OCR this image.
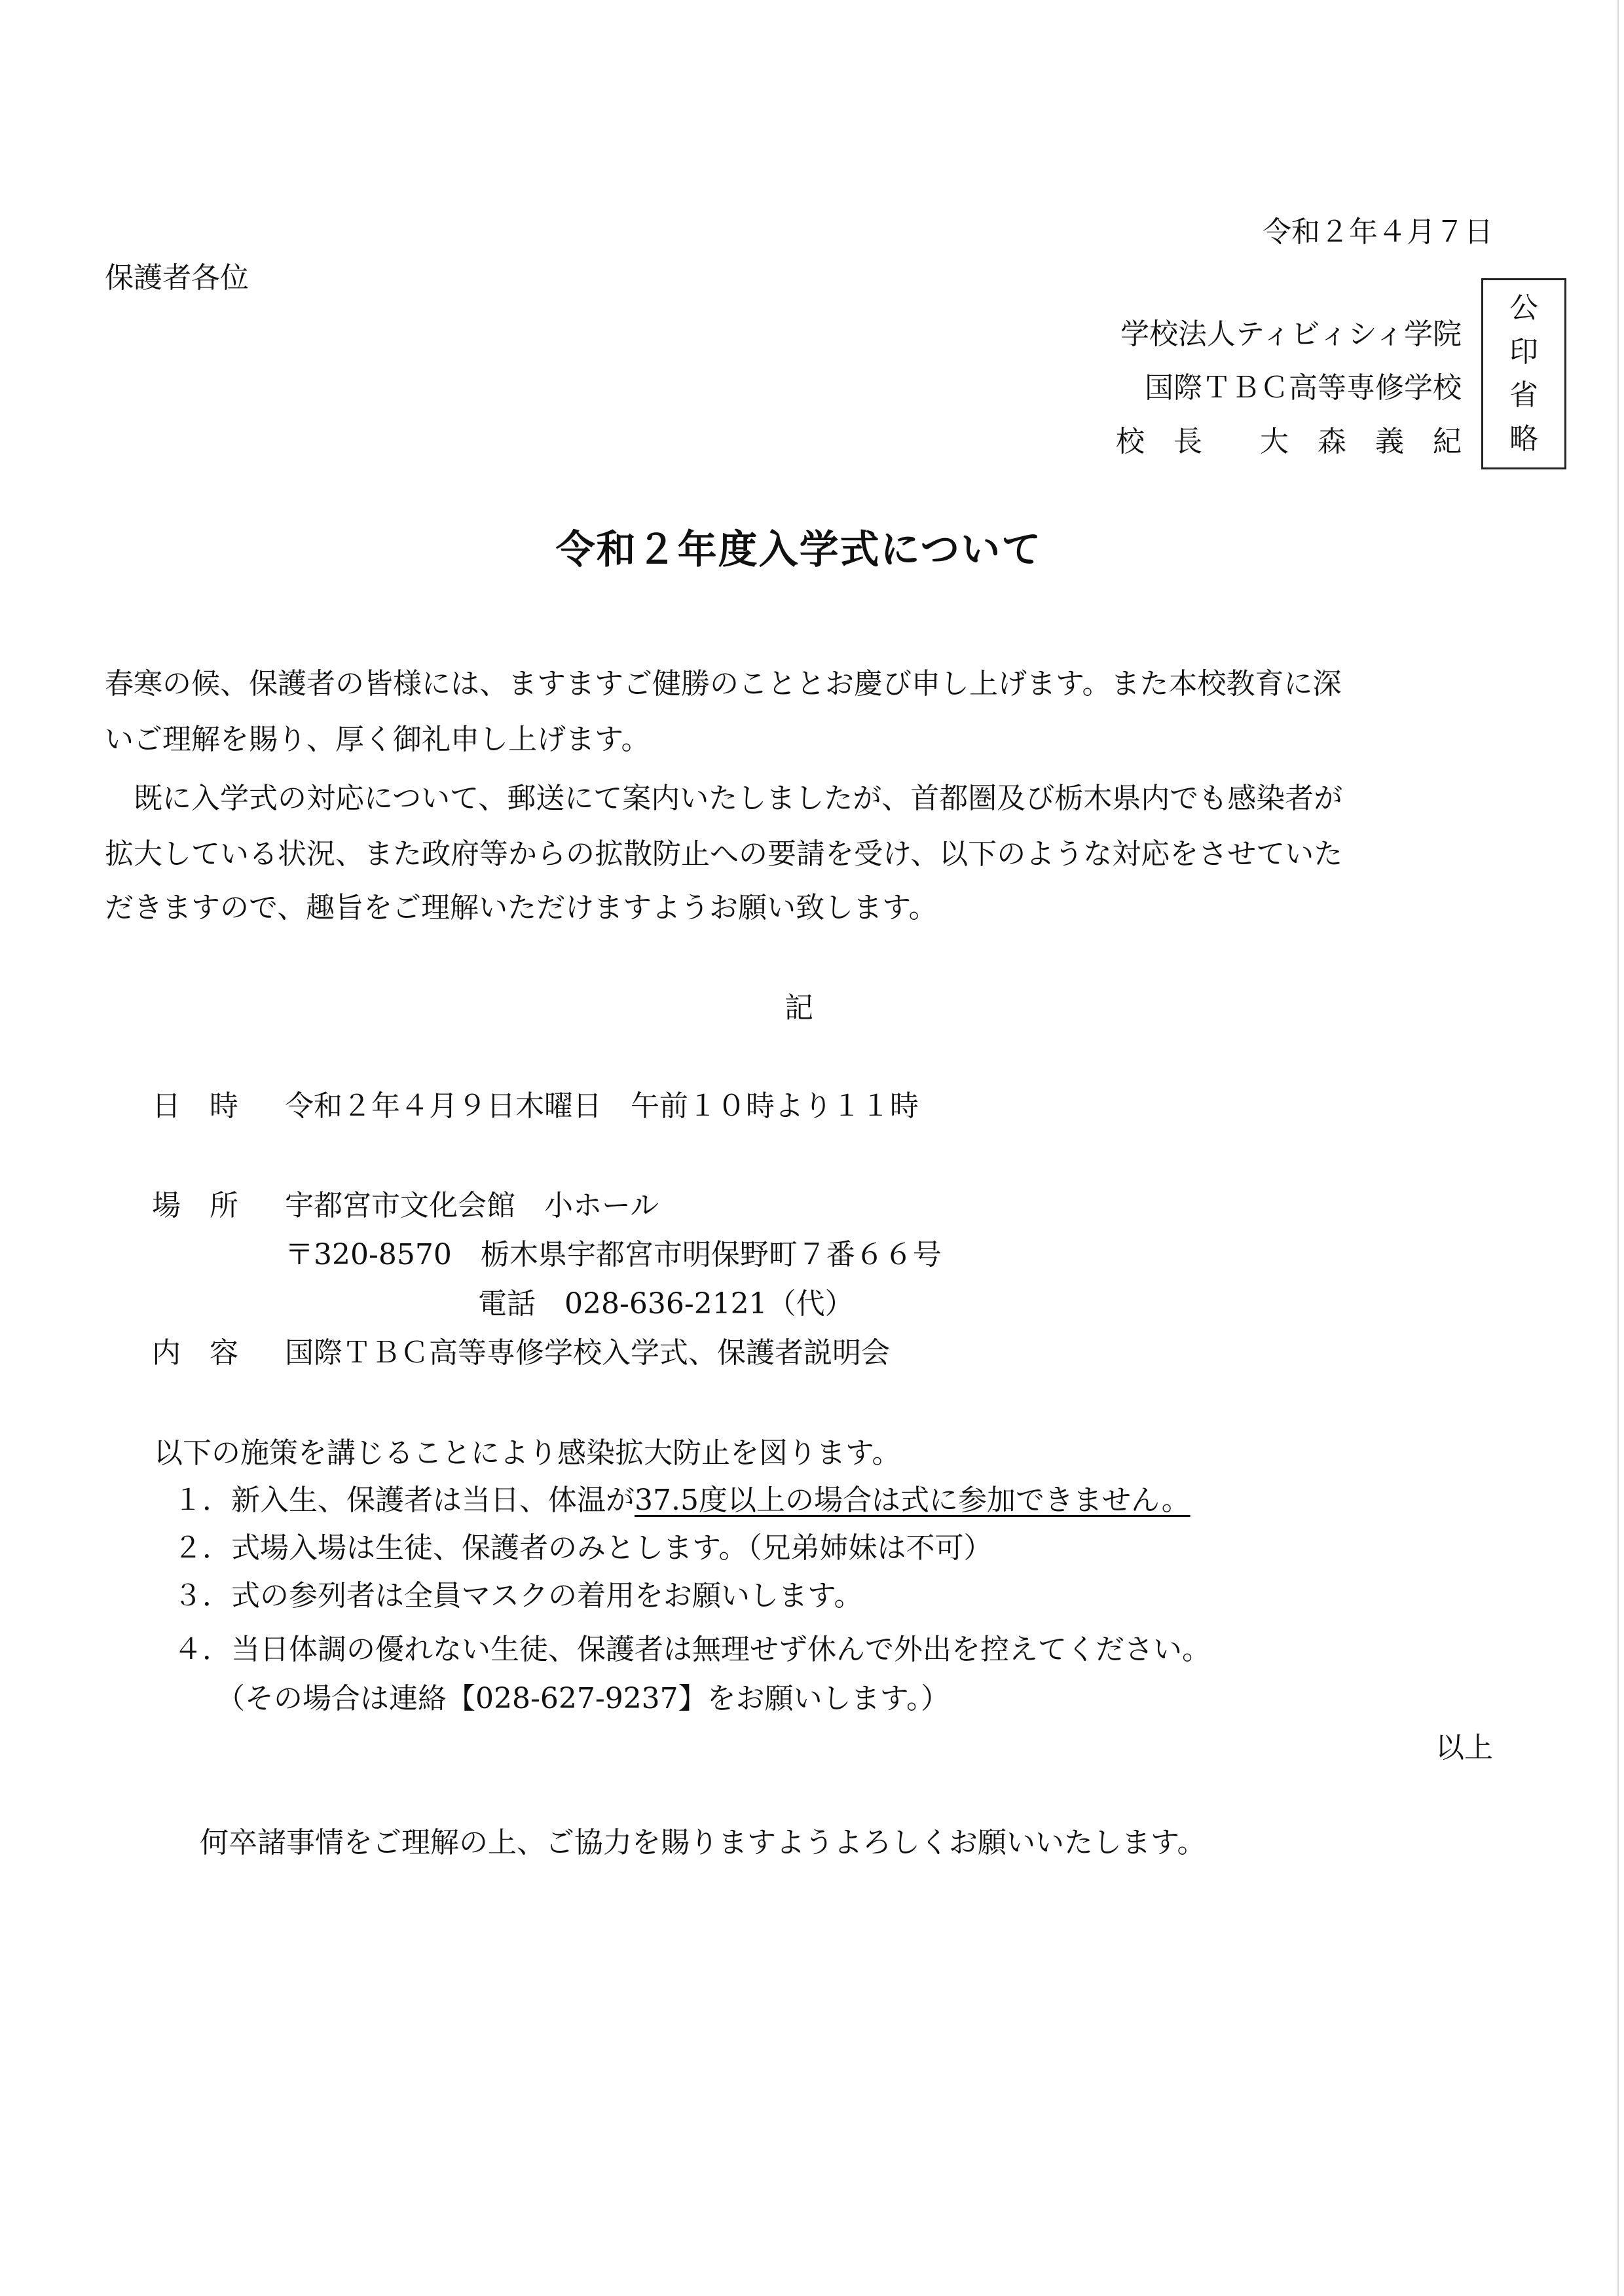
令和２年４月７日
保護者各位
学校法人ティビィシィ学院
国際ＴＢＣ高等専修学校
校　長　　大　森　義　紀
公
印
省
略
令和２年度入学式について
春寒の候、保護者の皆様には、ますますご健勝のこととお慶び申し上げます。また本校教育に深
いご理解を賜り、厚く御礼申し上げます。
　既に入学式の対応について、郵送にて案内いたしましたが、首都圏及び栃木県内でも感染者が
拡大している状況、また政府等からの拡散防止への要請を受け、以下のような対応をさせていた
だきますので、趣旨をご理解いただけますようお願い致します。
記
日　時 令和２年４月９日木曜日　午前１０時より１１時
場　所 宇都宮市文化会館　小ホール
〒320-8570　栃木県宇都宮市明保野町７番６６号
電話　028-636-2121（代）
内　容 国際ＴＢＣ高等専修学校入学式、保護者説明会
以下の施策を講じることにより感染拡大防止を図ります。
１．新入生、保護者は当日、体温が37.5度以上の場合は式に参加できません。
２．式場入場は生徒、保護者のみとします。（兄弟姉妹は不可）
３．式の参列者は全員マスクの着用をお願いします。
４．当日体調の優れない生徒、保護者は無理せず休んで外出を控えてください。
（その場合は連絡【028-627-9237】をお願いします。）
以上
何卒諸事情をご理解の上、ご協力を賜りますようよろしくお願いいたします。
